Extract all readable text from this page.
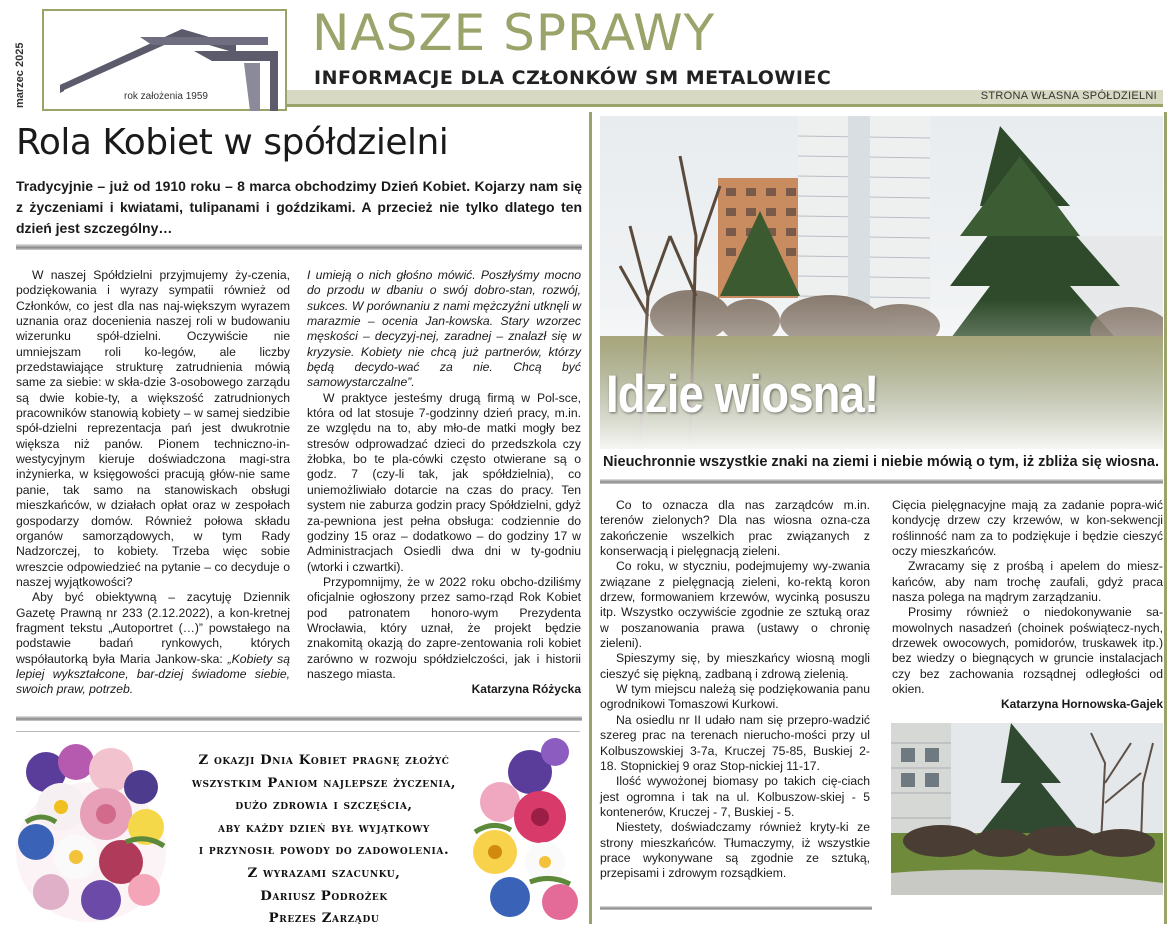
marzec 2025	rok założenia 1959
NASZE SPRAWY
INFORMACJE DLA CZŁONKÓW SM METALOWIEC
STRONA WŁASNA SPÓŁDZIELNI
Rola Kobiet w spółdzielni
Tradycyjnie – już od 1910 roku – 8 marca obchodzimy Dzień Kobiet. Kojarzy nam się z życzeniami i kwiatami, tulipanami i goździkami. A przecież nie tylko dlatego ten dzień jest szczególny…

W naszej Spółdzielni przyjmujemy ży-czenia, podziękowania i wyrazy sympatii również od Członków, co jest dla nas naj-większym wyrazem uznania oraz docenienia naszej roli w budowaniu wizerunku spół-dzielni. Oczywiście nie umniejszam roli ko-legów, ale liczby przedstawiające strukturę zatrudnienia mówią same za siebie: w skła-dzie 3-osobowego zarządu są dwie kobie-ty, a większość zatrudnionych pracowników stanowią kobiety – w samej siedzibie spół-dzielni reprezentacja pań jest dwukrotnie większa niż panów. Pionem techniczno-in-westycyjnym kieruje doświadczona magi-stra inżynierka, w księgowości pracują głów-nie same panie, tak samo na stanowiskach obsługi mieszkańców, w działach opłat oraz w zespołach gospodarzy domów. Również połowa składu organów samorządowych, w tym Rady Nadzorczej, to kobiety. Trzeba więc sobie wreszcie odpowiedzieć na pytanie – co decyduje o naszej wyjątkowości?

Aby być obiektywną – zacytuję Dziennik Gazetę Prawną nr 233 (2.12.2022), a kon-kretnej fragment tekstu „Autoportret (…)” powstałego na podstawie badań rynkowych, których współautorką była Maria Jankow-ska: „Kobiety są lepiej wykształcone, bar-dziej świadome siebie, swoich praw, potrzeb.

I umieją o nich głośno mówić. Poszłyśmy mocno do przodu w dbaniu o swój dobro-stan, rozwój, sukces. W porównaniu z nami mężczyźni utknęli w marazmie – ocenia Jan-kowska. Stary wzorzec męskości – decyzyj-nej, zaradnej – znalazł się w kryzysie. Kobiety nie chcą już partnerów, którzy będą decydo-wać za nie. Chcą być samowystarczalne”.

W praktyce jesteśmy drugą firmą w Pol-sce, która od lat stosuje 7-godzinny dzień pracy, m.in. ze względu na to, aby mło-de matki mogły bez stresów odprowadzać dzieci do przedszkola czy żłobka, bo te pla-cówki często otwierane są o godz. 7 (czy-li tak, jak spółdzielnia), co uniemożliwiało dotarcie na czas do pracy. Ten system nie zaburza godzin pracy Spółdzielni, gdyż za-pewniona jest pełna obsługa: codziennie do godziny 15 oraz – dodatkowo – do godziny 17 w Administracjach Osiedli dwa dni w ty-godniu (wtorki i czwartki).

Przypomnijmy, że w 2022 roku obcho-dziliśmy oficjalnie ogłoszony przez samo-rząd Rok Kobiet pod patronatem honoro-wym Prezydenta Wrocławia, który uznał, że projekt będzie znakomitą okazją do zapre-zentowania roli kobiet zarówno w rozwoju spółdzielczości, jak i historii naszego miasta.

Katarzyna Różycka
Z okazji Dnia Kobiet pragnę złożyć
wszystkim Paniom najlepsze życzenia,
dużo zdrowia i szczęścia,
aby każdy dzień był wyjątkowy
i przynosił powody do zadowolenia.
Z wyrazami szacunku,
Dariusz Podrożek
Prezes Zarządu
Idzie wiosna!
Nieuchronnie wszystkie znaki na ziemi i niebie mówią o tym, iż zbliża się wiosna.

Co to oznacza dla nas zarządców m.in. terenów zielonych? Dla nas wiosna ozna-cza zakończenie wszelkich prac związanych z konserwacją i pielęgnacją zieleni.

Co roku, w styczniu, podejmujemy wy-zwania związane z pielęgnacją zieleni, ko-rektą koron drzew, formowaniem krzewów, wycinką posuszu itp. Wszystko oczywiście zgodnie ze sztuką oraz w poszanowania prawa (ustawy o chronię zieleni).

Spieszymy się, by mieszkańcy wiosną mogli cieszyć się piękną, zadbaną i zdrową zielenią.

W tym miejscu należą się podziękowania panu ogrodnikowi Tomaszowi Kurkowi.

Na osiedlu nr II udało nam się przepro-wadzić szereg prac na terenach nierucho-mości przy ul Kolbuszowskiej 3-7a, Kruczej 75-85, Buskiej 2-18. Stopnickiej 9 oraz Stop-nickiej 11-17.

Ilość wywożonej biomasy po takich cię-ciach jest ogromna i tak na ul. Kolbuszow-skiej - 5 kontenerów, Kruczej - 7, Buskiej - 5.

Niestety, doświadczamy również kryty-ki ze strony mieszkańców. Tłumaczymy, iż wszystkie prace wykonywane są zgodnie ze sztuką, przepisami i zdrowym rozsądkiem.

Cięcia pielęgnacyjne mają za zadanie popra-wić kondycję drzew czy krzewów, w kon-sekwencji roślinność nam za to podziękuje i będzie cieszyć oczy mieszkańców.

Zwracamy się z prośbą i apelem do miesz-kańców, aby nam trochę zaufali, gdyż praca nasza polega na mądrym zarządzaniu.

Prosimy również o niedokonywanie sa-mowolnych nasadzeń (choinek poświątecz-nych, drzewek owocowych, pomidorów, truskawek itp.) bez wiedzy o biegnących w gruncie instalacjach czy bez zachowania rozsądnej odległości od okien.

Katarzyna Hornowska-Gajek
